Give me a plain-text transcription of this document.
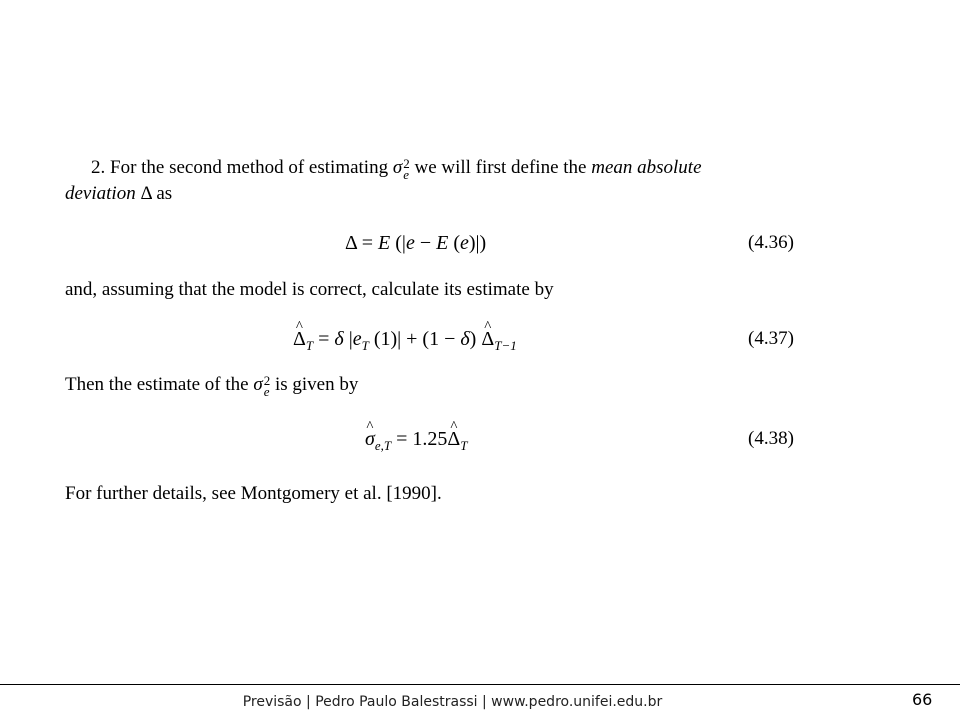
2. For the second method of estimating σ 2
e we will first define the mean absolute
deviation Δ as
Δ = E (|e − E (e)|)	(4.36)
and, assuming that the model is correct, calculate its estimate by
^ $\Delta_T = \delta$ $|e_T$ (1)| + (1 − δ) ^ $\Delta_{T-1}$	(4.37)
Then the estimate of the σ 2
e is given by
^ $\sigma_{e,T}$ = 1.25^ $\Delta_T$	(4.38)
For further details, see Montgomery et al. [1990].
Previsão | Pedro Paulo Balestrassi | www.pedro.unifei.edu.br	66
